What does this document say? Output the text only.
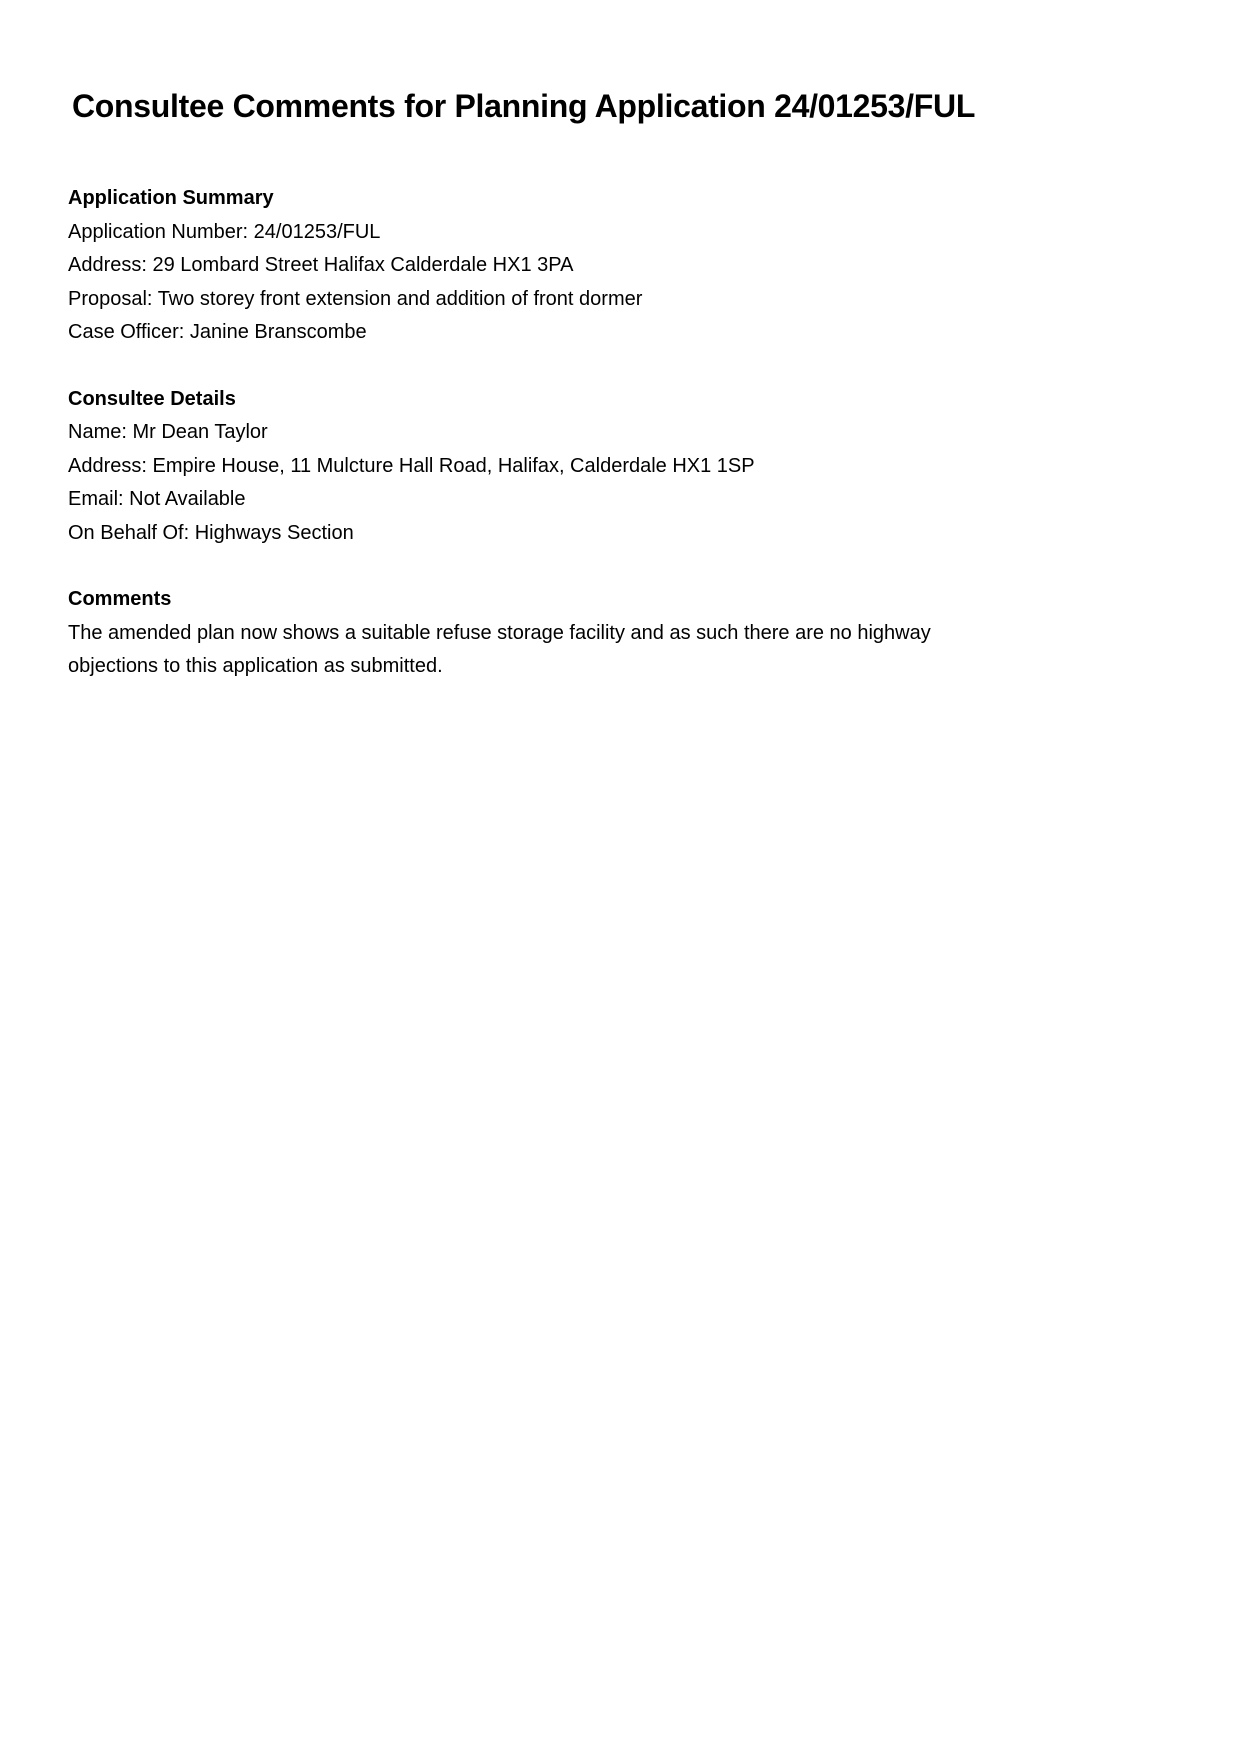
Consultee Comments for Planning Application 24/01253/FUL
Application Summary
Application Number: 24/01253/FUL
Address: 29 Lombard Street Halifax Calderdale HX1 3PA
Proposal: Two storey front extension and addition of front dormer
Case Officer: Janine Branscombe
Consultee Details
Name: Mr Dean Taylor
Address: Empire House, 11 Mulcture Hall Road, Halifax, Calderdale HX1 1SP
Email: Not Available
On Behalf Of: Highways Section
Comments
The amended plan now shows a suitable refuse storage facility and as such there are no highway
objections to this application as submitted.
